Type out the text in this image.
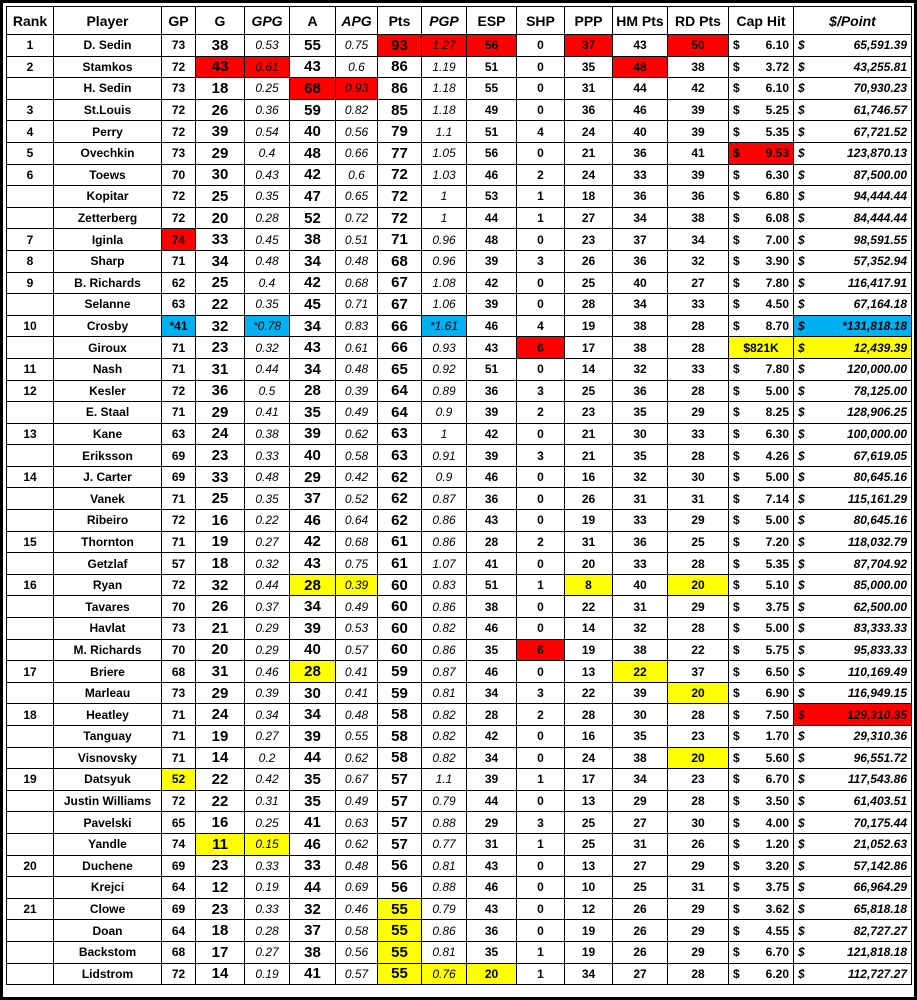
Rank	Player	GP	G	GPG	A	APG	Pts	PGP	ESP	SHP	PPP	HM Pts	RD Pts	Cap Hit	$/Point
1	D. Sedin	73	38	0.53	55	0.75	93	1.27	56	0	37	43	50	$ 6.10	$ 65,591.39

2	Stamkos	72	43	0.61	43	0.6	86	1.19	51	0	35	48	38	$ 3.72	$ 43,255.81

	H. Sedin	73	18	0.25	68	0.93	86	1.18	55	0	31	44	42	$ 6.10	$ 70,930.23

3	St.Louis	72	26	0.36	59	0.82	85	1.18	49	0	36	46	39	$ 5.25	$ 61,746.57

4	Perry	72	39	0.54	40	0.56	79	1.1	51	4	24	40	39	$ 5.35	$ 67,721.52

5	Ovechkin	73	29	0.4	48	0.66	77	1.05	56	0	21	36	41	$ 9.53	$ 123,870.13

6	Toews	70	30	0.43	42	0.6	72	1.03	46	2	24	33	39	$ 6.30	$ 87,500.00

	Kopitar	72	25	0.35	47	0.65	72	1	53	1	18	36	36	$ 6.80	$ 94,444.44

	Zetterberg	72	20	0.28	52	0.72	72	1	44	1	27	34	38	$ 6.08	$ 84,444.44

7	Iginla	74	33	0.45	38	0.51	71	0.96	48	0	23	37	34	$ 7.00	$ 98,591.55

8	Sharp	71	34	0.48	34	0.48	68	0.96	39	3	26	36	32	$ 3.90	$ 57,352.94

9	B. Richards	62	25	0.4	42	0.68	67	1.08	42	0	25	40	27	$ 7.80	$ 116,417.91

	Selanne	63	22	0.35	45	0.71	67	1.06	39	0	28	34	33	$ 4.50	$ 67,164.18

10	Crosby	*41	32	*0.78	34	0.83	66	*1.61	46	4	19	38	28	$ 8.70	$ *131,818.18

	Giroux	71	23	0.32	43	0.61	66	0.93	43	6	17	38	28	$821K	$ 12,439.39

11	Nash	71	31	0.44	34	0.48	65	0.92	51	0	14	32	33	$ 7.80	$ 120,000.00

12	Kesler	72	36	0.5	28	0.39	64	0.89	36	3	25	36	28	$ 5.00	$ 78,125.00

	E. Staal	71	29	0.41	35	0.49	64	0.9	39	2	23	35	29	$ 8.25	$ 128,906.25

13	Kane	63	24	0.38	39	0.62	63	1	42	0	21	30	33	$ 6.30	$ 100,000.00

	Eriksson	69	23	0.33	40	0.58	63	0.91	39	3	21	35	28	$ 4.26	$ 67,619.05

14	J. Carter	69	33	0.48	29	0.42	62	0.9	46	0	16	32	30	$ 5.00	$ 80,645.16

	Vanek	71	25	0.35	37	0.52	62	0.87	36	0	26	31	31	$ 7.14	$ 115,161.29

	Ribeiro	72	16	0.22	46	0.64	62	0.86	43	0	19	33	29	$ 5.00	$ 80,645.16

15	Thornton	71	19	0.27	42	0.68	61	0.86	28	2	31	36	25	$ 7.20	$ 118,032.79

	Getzlaf	57	18	0.32	43	0.75	61	1.07	41	0	20	33	28	$ 5.35	$ 87,704.92

16	Ryan	72	32	0.44	28	0.39	60	0.83	51	1	8	40	20	$ 5.10	$ 85,000.00

	Tavares	70	26	0.37	34	0.49	60	0.86	38	0	22	31	29	$ 3.75	$ 62,500.00

	Havlat	73	21	0.29	39	0.53	60	0.82	46	0	14	32	28	$ 5.00	$ 83,333.33

	M. Richards	70	20	0.29	40	0.57	60	0.86	35	6	19	38	22	$ 5.75	$ 95,833.33

17	Briere	68	31	0.46	28	0.41	59	0.87	46	0	13	22	37	$ 6.50	$ 110,169.49

	Marleau	73	29	0.39	30	0.41	59	0.81	34	3	22	39	20	$ 6.90	$ 116,949.15

18	Heatley	71	24	0.34	34	0.48	58	0.82	28	2	28	30	28	$ 7.50	$ 129,310.35

	Tanguay	71	19	0.27	39	0.55	58	0.82	42	0	16	35	23	$ 1.70	$ 29,310.36

	Visnovsky	71	14	0.2	44	0.62	58	0.82	34	0	24	38	20	$ 5.60	$ 96,551.72

19	Datsyuk	52	22	0.42	35	0.67	57	1.1	39	1	17	34	23	$ 6.70	$ 117,543.86

	Justin Williams	72	22	0.31	35	0.49	57	0.79	44	0	13	29	28	$ 3.50	$ 61,403.51

	Pavelski	65	16	0.25	41	0.63	57	0.88	29	3	25	27	30	$ 4.00	$ 70,175.44

	Yandle	74	11	0.15	46	0.62	57	0.77	31	1	25	31	26	$ 1.20	$ 21,052.63

20	Duchene	69	23	0.33	33	0.48	56	0.81	43	0	13	27	29	$ 3.20	$ 57,142.86

	Krejci	64	12	0.19	44	0.69	56	0.88	46	0	10	25	31	$ 3.75	$ 66,964.29

21	Clowe	69	23	0.33	32	0.46	55	0.79	43	0	12	26	29	$ 3.62	$ 65,818.18

	Doan	64	18	0.28	37	0.58	55	0.86	36	0	19	26	29	$ 4.55	$ 82,727.27

	Backstom	68	17	0.27	38	0.56	55	0.81	35	1	19	26	29	$ 6.70	$ 121,818.18

	Lidstrom	72	14	0.19	41	0.57	55	0.76	20	1	34	27	28	$ 6.20	$ 112,727.27
